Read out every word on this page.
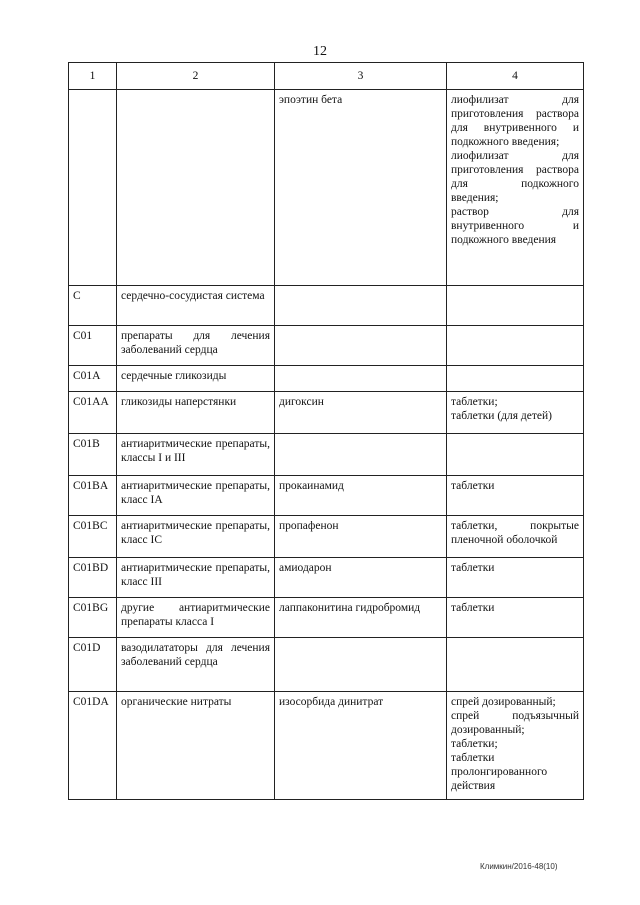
12
1	2	3	4
		эпоэтин бета	лиофилизат для приготовления раствора для внутривенного и подкожного введения;
лиофилизат для приготовления раствора для подкожного введения;
раствор для внутривенного и подкожного введения

C	сердечно-сосудистая система		
C01	препараты для лечения заболеваний сердца		
C01A	сердечные гликозиды		
C01AA	гликозиды наперстянки	дигоксин	таблетки;
таблетки (для детей)

C01B	антиаритмические препараты, классы I и III		
C01BA	антиаритмические препараты, класс IA	прокаинамид	таблетки

C01BC	антиаритмические препараты, класс IC	пропафенон	таблетки, покрытые пленочной оболочкой

C01BD	антиаритмические препараты, класс III	амиодарон	таблетки

C01BG	другие антиаритмические препараты класса I	лаппаконитина гидробромид	таблетки

C01D	вазодилататоры для лечения заболеваний сердца		
C01DA	органические нитраты	изосорбида динитрат	спрей дозированный;
спрей подъязычный дозированный;
таблетки;
таблетки пролонгированного действия
Климкин/2016-48(10)
